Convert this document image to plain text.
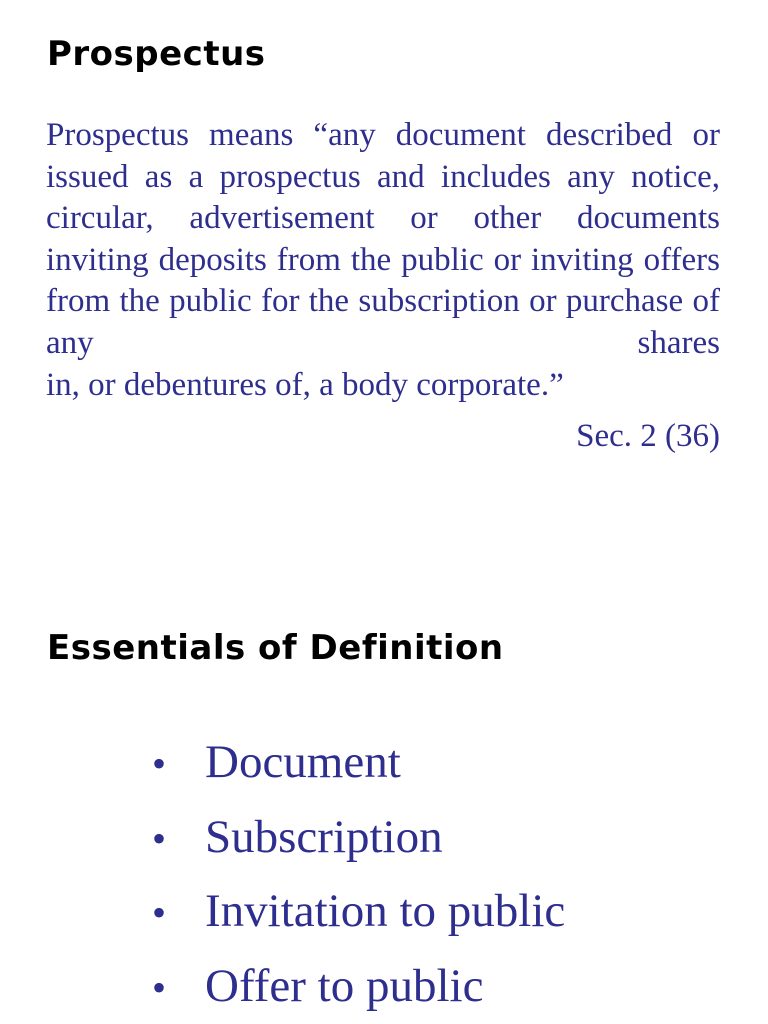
Prospectus

Prospectus means “any document described or issued as a prospectus and includes any notice, circular, advertisement or other documents inviting deposits from the public or inviting offers from the public for the subscription or purchase of any shares
in, or debentures of, a body corporate.”

Sec. 2 (36)

Essentials of Definition
• Document
• Subscription
• Invitation to public
• Offer to public
